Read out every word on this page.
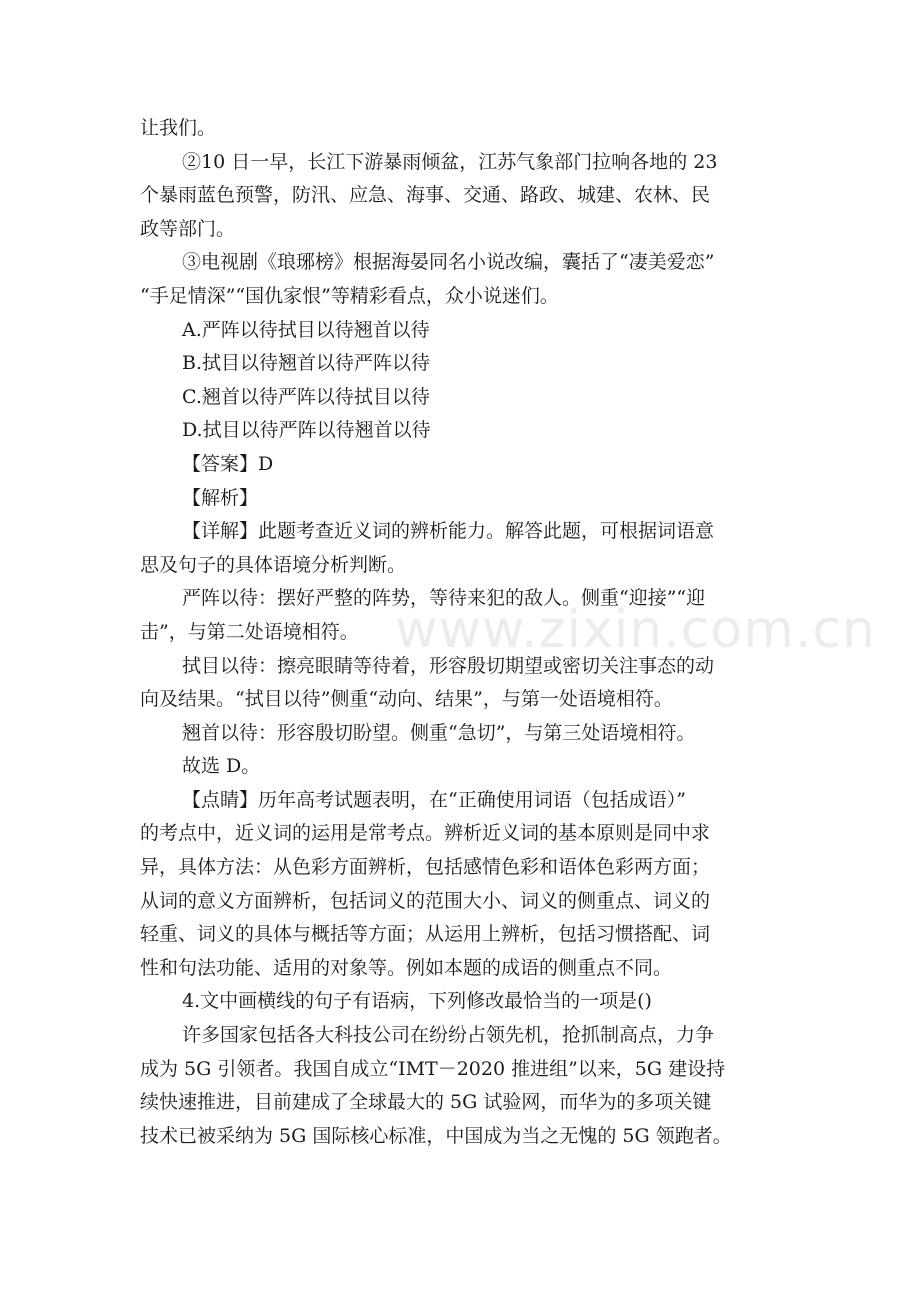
www.zixin.com.cn
让我们。
②10 日一早，长江下游暴雨倾盆，江苏气象部门拉响各地的 23
个暴雨蓝色预警，防汛、应急、海事、交通、路政、城建、农林、民
政等部门。
③电视剧《琅琊榜》根据海晏同名小说改编，囊括了“凄美爱恋”
“手足情深”“国仇家恨”等精彩看点，众小说迷们。
A.严阵以待拭目以待翘首以待
B.拭目以待翘首以待严阵以待
C.翘首以待严阵以待拭目以待
D.拭目以待严阵以待翘首以待
【答案】D
【解析】
【详解】此题考查近义词的辨析能力。解答此题，可根据词语意
思及句子的具体语境分析判断。
严阵以待：摆好严整的阵势，等待来犯的敌人。侧重“迎接”“迎
击”，与第二处语境相符。
拭目以待：擦亮眼睛等待着，形容殷切期望或密切关注事态的动
向及结果。“拭目以待”侧重“动向、结果”，与第一处语境相符。
翘首以待：形容殷切盼望。侧重“急切”，与第三处语境相符。
故选 D。
【点睛】历年高考试题表明，在“正确使用词语（包括成语）”
的考点中，近义词的运用是常考点。辨析近义词的基本原则是同中求
异，具体方法：从色彩方面辨析，包括感情色彩和语体色彩两方面；
从词的意义方面辨析，包括词义的范围大小、词义的侧重点、词义的
轻重、词义的具体与概括等方面；从运用上辨析，包括习惯搭配、词
性和句法功能、适用的对象等。例如本题的成语的侧重点不同。
4.文中画横线的句子有语病，下列修改最恰当的一项是()
许多国家包括各大科技公司在纷纷占领先机，抢抓制高点，力争
成为 5G 引领者。我国自成立“IMT－2020 推进组”以来，5G 建设持
续快速推进，目前建成了全球最大的 5G 试验网，而华为的多项关键
技术已被采纳为 5G 国际核心标准，中国成为当之无愧的 5G 领跑者。
